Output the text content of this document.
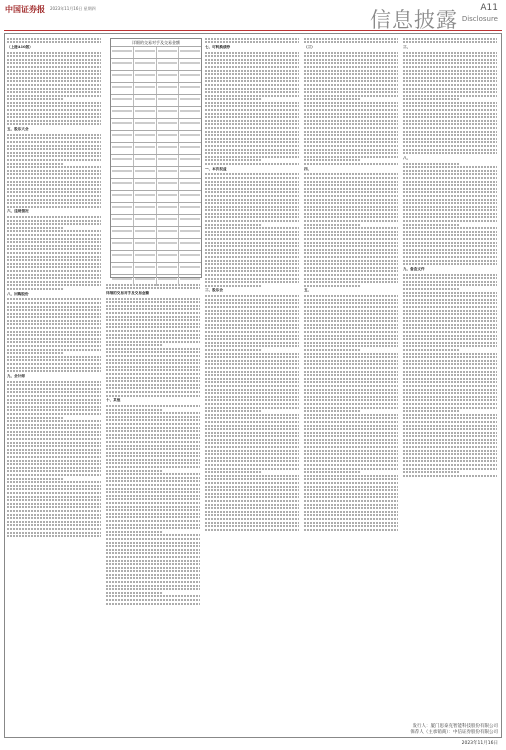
中国证券报 2023年11月16日 星期四	信息披露 A11
Disclosure
（上接A10版）
五、股东大会
六、违规情况
八、回购股份
九、会计师
详细的交易对手及交易金额
十、其他
详细的交易对手及交易金额
七、可转换债券
一、本次权益
三、股东会
（三）
四、
五、
三、
八、
九、备查文件
发行人：厦门思泰克智能科技股份有限公司
保荐人（主承销商）：中信证券股份有限公司
2023年11月16日
